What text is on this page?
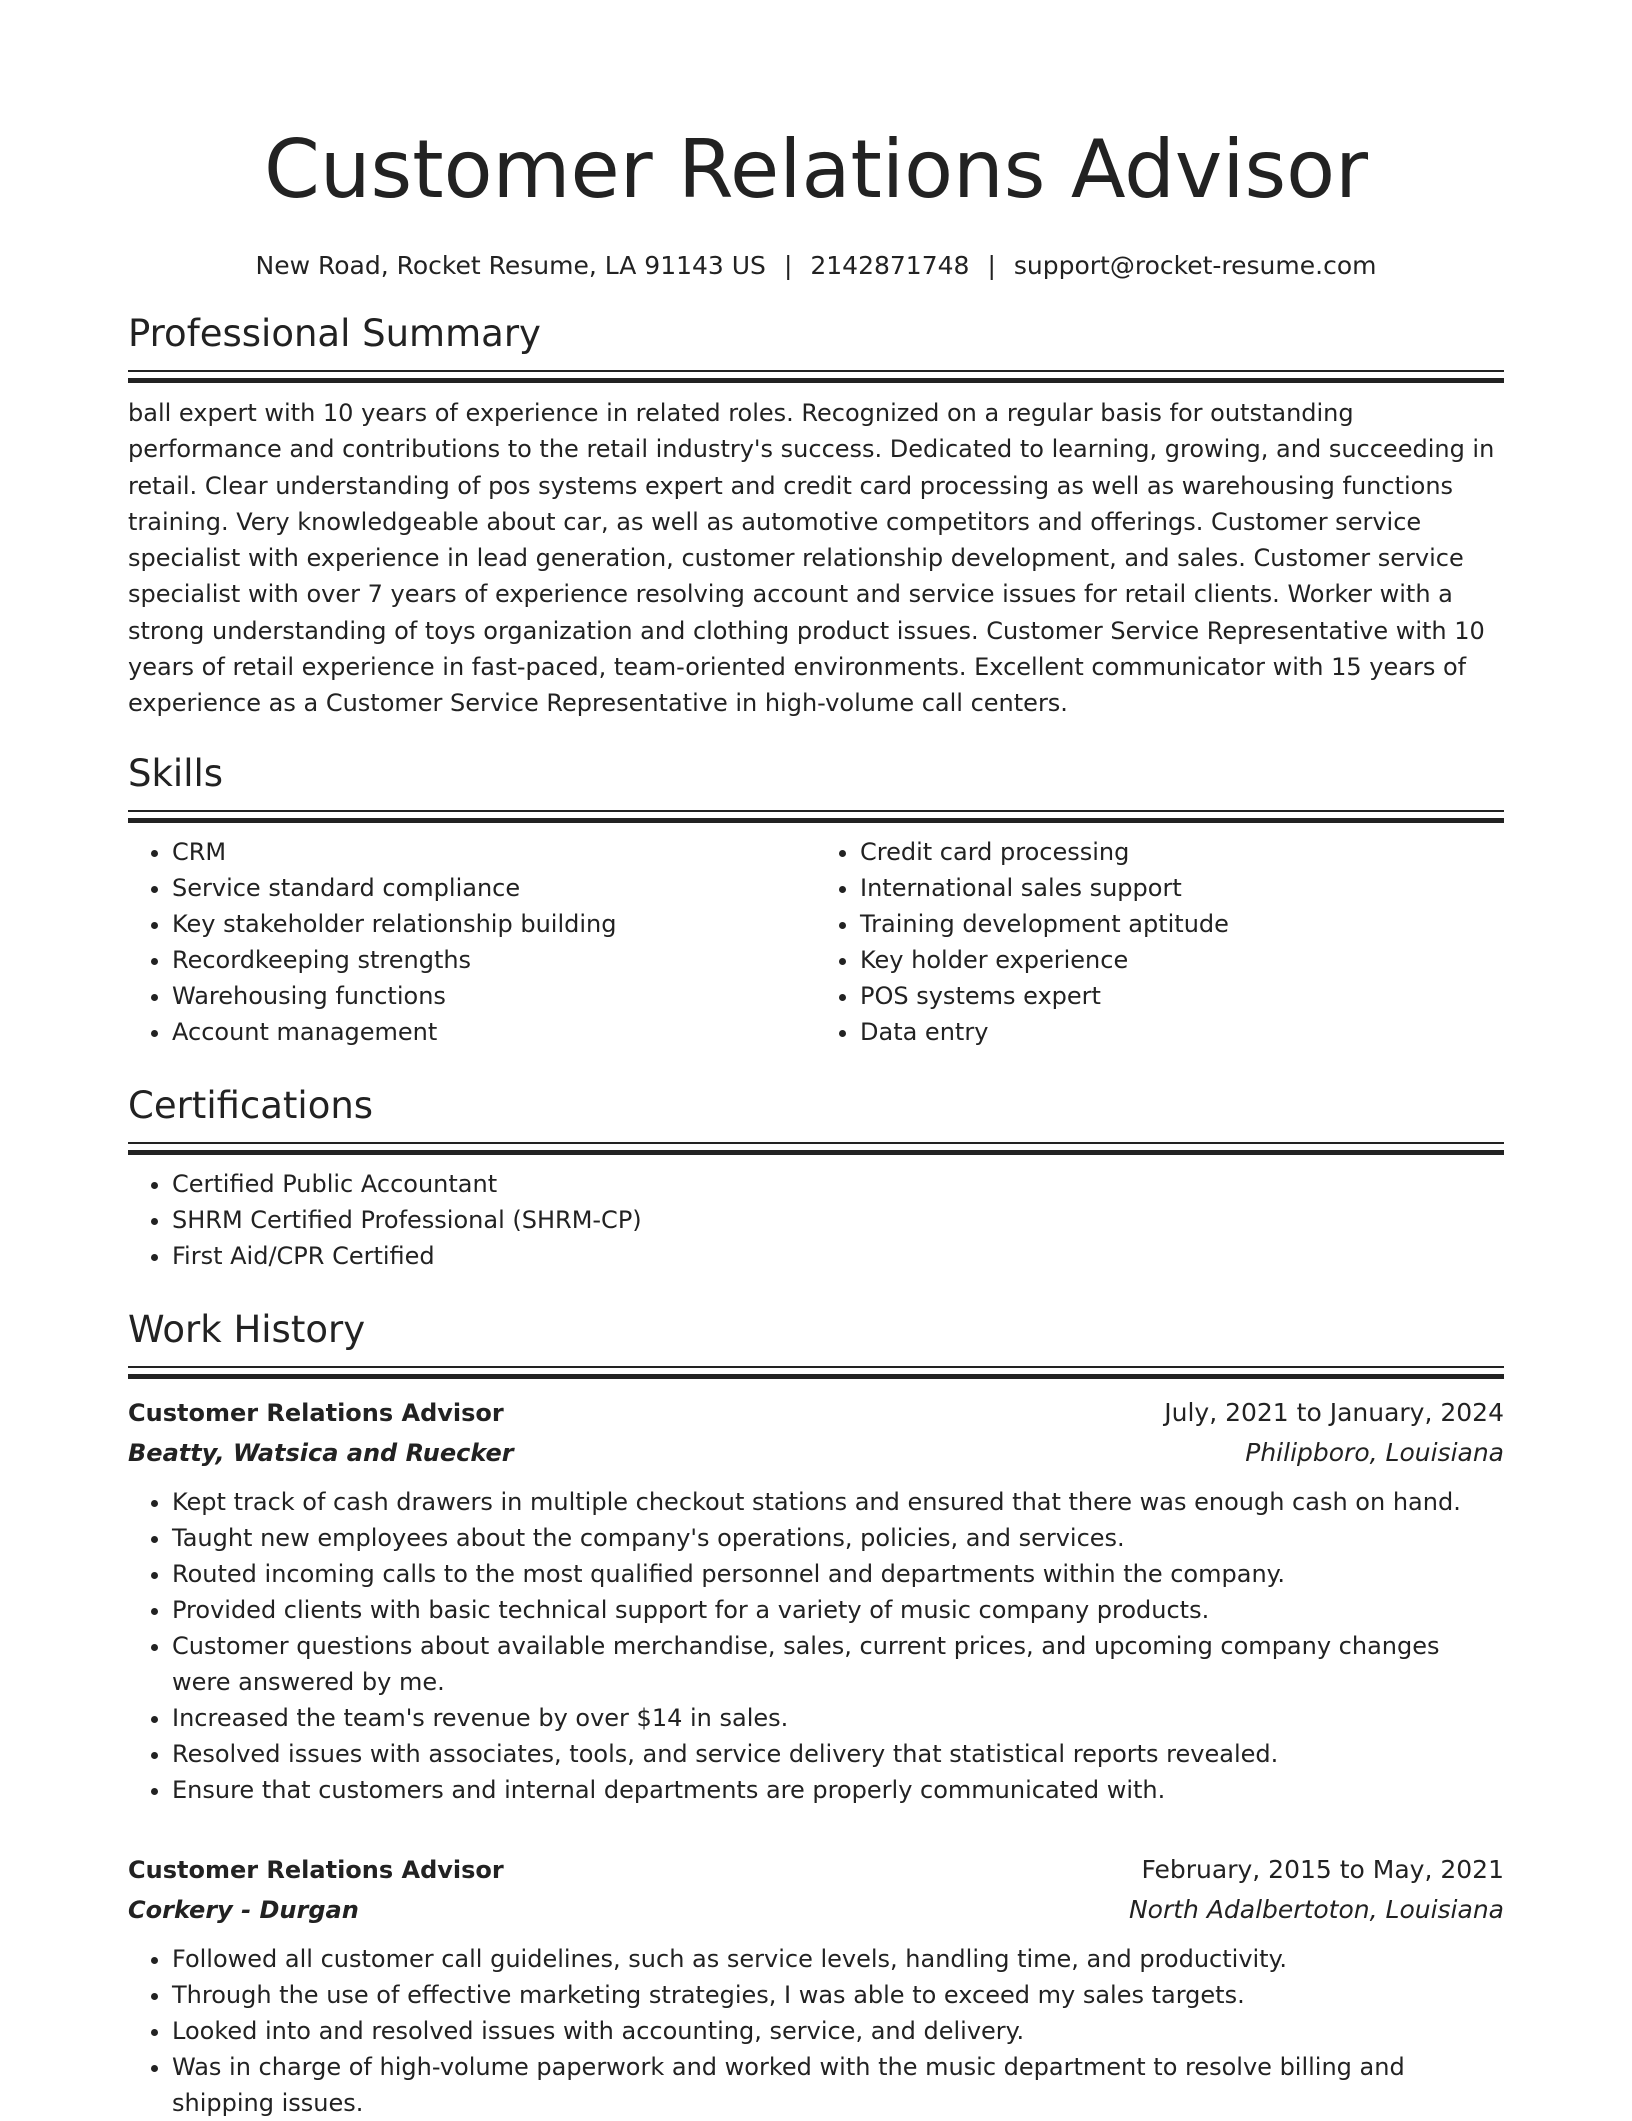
Customer Relations Advisor
New Road, Rocket Resume, LA 91143 US | 2142871748 | support@rocket-resume.com
Professional Summary

ball expert with 10 years of experience in related roles. Recognized on a regular basis for outstanding performance and contributions to the retail industry's success. Dedicated to learning, growing, and succeeding in retail. Clear understanding of pos systems expert and credit card processing as well as warehousing functions training. Very knowledgeable about car, as well as automotive competitors and offerings. Customer service specialist with experience in lead generation, customer relationship development, and sales. Customer service specialist with over 7 years of experience resolving account and service issues for retail clients. Worker with a strong understanding of toys organization and clothing product issues. Customer Service Representative with 10 years of retail experience in fast-paced, team-oriented environments. Excellent communicator with 15 years of experience as a Customer Service Representative in high-volume call centers.

Skills
• CRM
• Service standard compliance
• Key stakeholder relationship building
• Recordkeeping strengths
• Warehousing functions
• Account management
• Credit card processing
• International sales support
• Training development aptitude
• Key holder experience
• POS systems expert
• Data entry
Certifications
• Certified Public Accountant
• SHRM Certified Professional (SHRM-CP)
• First Aid/CPR Certified
Work History
Customer Relations Advisor	July, 2021 to January, 2024
Beatty, Watsica and Ruecker	Philipboro, Louisiana
• Kept track of cash drawers in multiple checkout stations and ensured that there was enough cash on hand.
• Taught new employees about the company's operations, policies, and services.
• Routed incoming calls to the most qualified personnel and departments within the company.
• Provided clients with basic technical support for a variety of music company products.
• Customer questions about available merchandise, sales, current prices, and upcoming company changes were answered by me.
• Increased the team's revenue by over $14 in sales.
• Resolved issues with associates, tools, and service delivery that statistical reports revealed.
• Ensure that customers and internal departments are properly communicated with.
Customer Relations Advisor	February, 2015 to May, 2021
Corkery - Durgan	North Adalbertoton, Louisiana
• Followed all customer call guidelines, such as service levels, handling time, and productivity.
• Through the use of effective marketing strategies, I was able to exceed my sales targets.
• Looked into and resolved issues with accounting, service, and delivery.
• Was in charge of high-volume paperwork and worked with the music department to resolve billing and shipping issues.
